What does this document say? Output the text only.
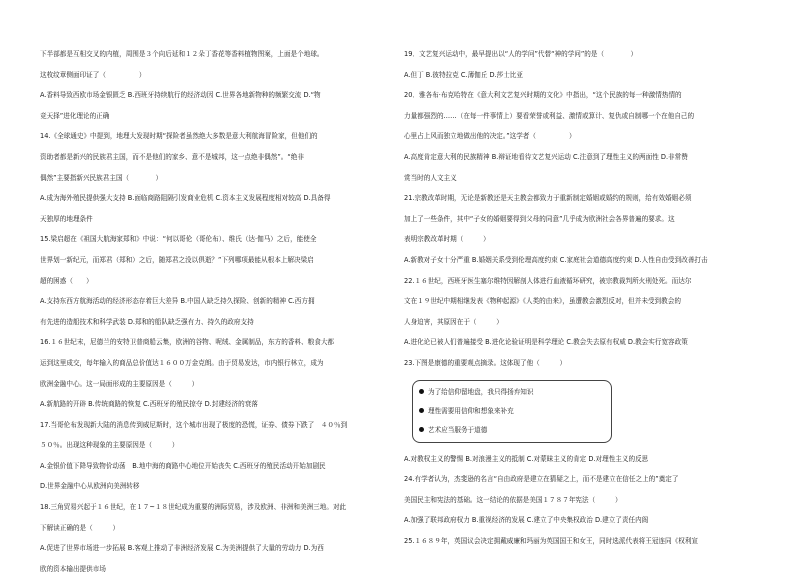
下半部都是互相交叉的内植，周围是３个向后延和１２朵丁香花等香料植物图案，上面是个地球。
这枚纹章侧面印证了（　　　　　）
A.香料导致西欧市场金银匮乏 B.西班牙持续航行的经济动因 C.世界各地新物种的频繁交流 D.“物
竞天择”进化理论的正确
14.《全球通史》中提到，地理大发现时期“探险者虽然绝大多数是意大利航海冒险家，但他们的
资助者都是新兴的民族君主国，而不是他们的家乡、意不是城邦，这一点绝非偶然”。“绝非
偶然”主要指新兴民族君主国（　　　　）
A.成为海外殖民提供强大支持 B.面临商路阻隔引发商业危机 C.资本主义发展程度相对较高 D.具备得
天独厚的地理条件
15.梁启超在《祖国大航海家郑和》中说：“何以哥伦（哥伦布）、维氏（达·伽马）之后，能使全
世界划一新纪元，而郑君（郑和）之后，随郑君之没以俱逝？”下列哪项最能从根本上解决梁启
超的困惑（　　）
A.支持东西方航海活动的经济形态存着巨大差异 B.中国人缺乏持久探险、创新的精神 C.西方拥
有先进的造船技术和科学武装 D.郑和的船队缺乏强有力、持久的政府支持
16.１６世纪末，尼德兰的安特卫普商船云集，欧洲的谷物、呢绒、金属制品，东方的香料、粮食大都
运到这里成交，每年输入的商品总价值达１６００万金克朗。由于贸易发达，市内银行林立，成为
欧洲金融中心。这一局面形成的主要原因是（　　　）
A.新航路的开辟 B.传统商路的恢复 C.西班牙的殖民掠夺 D.封建经济的衰落
17.当哥伦布发现新大陆的消息传到威尼斯时，这个城市出现了极度的恐慌，证券、债券下跌了　４０％到
５０％。出现这种现象的主要原因是（　　　）
A.金银价值下降导致物价动荡　B.地中海的商路中心地位开始丧失 C.西班牙的殖民活动开始加剧民
D.世界金融中心从欧洲向美洲转移
18.三角贸易兴起于１６世纪，在１７~１８世纪成为重要的洲际贸易，涉及欧洲、非洲和美洲三地。对此
下解读正确的是（　　　）
A.促进了世界市场进一步拓展 B.客观上推动了非洲经济发展 C.为美洲提供了大量的劳动力 D.为西
欧的资本输出提供市场
19．文艺复兴运动中，最早提出以“人的学问”代替“神的学问”的是（　　　　）
A.但丁 B.彼特拉克 C.薄伽丘 D.莎士比亚
20．雅各布·布克哈特在《意大利文艺复兴时期的文化》中指出，“这个民族的每一种激情热情的
力量都强烈的……（在每一件事情上）要看荣誉或利益、激情或算计、复仇或自制哪一个在他自己的
心里占上风而独立地做出他的决定。”这学者（　　　　　）
A.高度肯定意大利的民族精神 B.辩证地看待文艺复兴运动 C.注意到了理性主义的两面性 D.非常赞
赏当时的人文主义
21.宗教改革时期，无论是新教还是天主教会都致力于重新制定婚姻或婚约的规则，给有效婚姻必须
加上了一些条件，其中“子女的婚姻要得到父母的同意”几乎成为欧洲社会各界普遍的要求。这
表明宗教改革时期（　　　）
A.新教对子女十分严重 B.婚姻关系受到伦理高度约束 C.家庭社会道德高度约束 D.人性自由受到改善打击
22.１６世纪，西班牙医生塞尔维特因解剖人体进行血液循环研究，被宗教裁判所火刑处死。而达尔
文在１９世纪中期相继发表《物种起源》《人类的由来》，虽遭教会激烈反对，但并未受到教会的
人身迫害，其原因在于（　　　）
A.进化论已被人们普遍接受 B.进化论验证明是科学理论 C.教会失去原有权威 D.教会实行宽容政策
23.下图是康德的重要观点摘录。这体现了他（　　　）
为了给信仰留地盘，我只得扬弃知识
理性需要用信仰和想象来补充
艺术应当服务于道德
A.对教权主义的警惕 B.对浪漫主义的抵制 C.对蒙昧主义的肯定 D.对理性主义的反思
24.有学者认为，杰斐逊的名言“自由政府是建立在猜疑之上，而不是建立在信任之上的”奠定了
美国民主和宪法的基础。这一结论的依据是美国１７８７年宪法（　　　）
A.加强了联邦政府权力 B.重视经济的发展 C.建立了中央集权政治 D.建立了责任内阁
25.１６８９年，英国议会决定拥戴威廉和玛丽为英国国王和女王，同时选派代表将王冠连同《权利宣
